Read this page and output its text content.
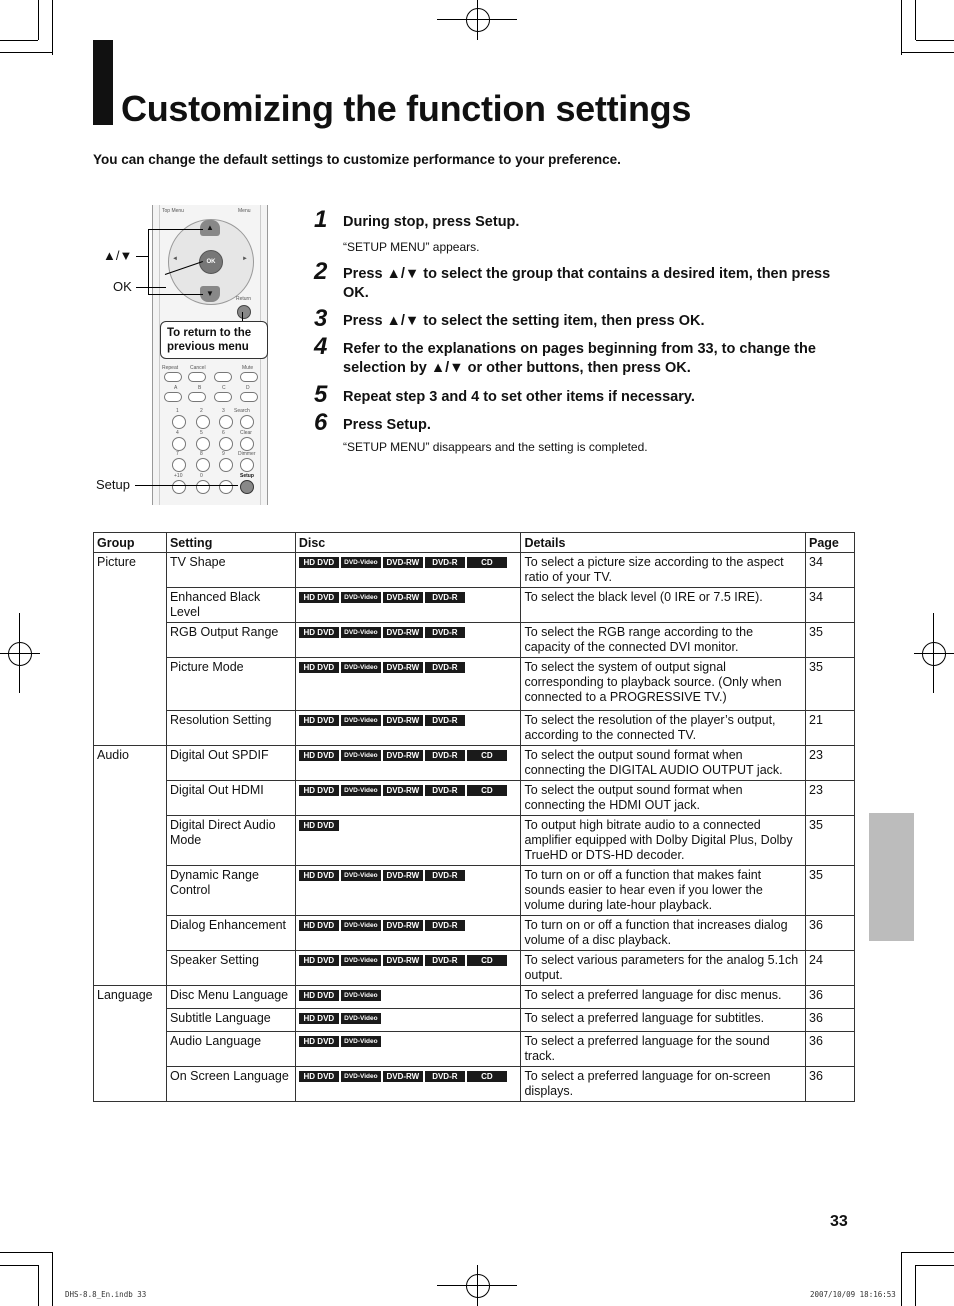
Customizing the function settings
You can change the default settings to customize performance to your preference.
Top Menu	Menu
▲
▼
OK
◄	►
Return
Repeat Cancel	Mute
A	B	C	D
1	2	3 Search
4	5	6	Clear
7	8	9	Dimmer
+10	0	Setup
▲/▼
OK
To return to the previous menu
Setup
1 During stop, press Setup.
“SETUP MENU” appears.
2 Press ▲/▼ to select the group that contains a desired item, then press OK.
3 Press ▲/▼ to select the setting item, then press OK.
4 Refer to the explanations on pages beginning from 33, to change the selection by ▲/▼ or other buttons, then press OK.
5 Repeat step 3 and 4 to set other items if necessary.
6 Press Setup.
“SETUP MENU” disappears and the setting is completed.
Group	Setting	Disc	Details	Page
Picture	TV Shape	HD DVD DVD-Video DVD-RW DVD-R CD	To select a picture size according to the aspect ratio of your TV.	34
	Enhanced Black Level	HD DVD DVD-Video DVD-RW DVD-R	To select the black level (0 IRE or 7.5 IRE).	34
	RGB Output Range	HD DVD DVD-Video DVD-RW DVD-R	To select the RGB range according to the capacity of the connected DVI monitor.	35
	Picture Mode	HD DVD DVD-Video DVD-RW DVD-R	To select the system of output signal corresponding to playback source. (Only when connected to a PROGRESSIVE TV.)	35
	Resolution Setting	HD DVD DVD-Video DVD-RW DVD-R	To select the resolution of the player’s output, according to the connected TV.	21
Audio	Digital Out SPDIF	HD DVD DVD-Video DVD-RW DVD-R CD	To select the output sound format when connecting the DIGITAL AUDIO OUTPUT jack.	23
	Digital Out HDMI	HD DVD DVD-Video DVD-RW DVD-R CD	To select the output sound format when connecting the HDMI OUT jack.	23
	Digital Direct Audio Mode	HD DVD	To output high bitrate audio to a connected amplifier equipped with Dolby Digital Plus, Dolby TrueHD or DTS-HD decoder.	35
	Dynamic Range Control	HD DVD DVD-Video DVD-RW DVD-R	To turn on or off a function that makes faint sounds easier to hear even if you lower the volume during late-hour playback.	35
	Dialog Enhancement	HD DVD DVD-Video DVD-RW DVD-R	To turn on or off a function that increases dialog volume of a disc playback.	36
	Speaker Setting	HD DVD DVD-Video DVD-RW DVD-R CD	To select various parameters for the analog 5.1ch output.	24
Language	Disc Menu Language	HD DVD DVD-Video	To select a preferred language for disc menus.	36
	Subtitle Language	HD DVD DVD-Video	To select a preferred language for subtitles.	36
	Audio Language	HD DVD DVD-Video	To select a preferred language for the sound track.	36
	On Screen Language	HD DVD DVD-Video DVD-RW DVD-R CD	To select a preferred language for on-screen displays.	36
33
DHS-8.8_En.indb 33	2007/10/09 18:16:53
